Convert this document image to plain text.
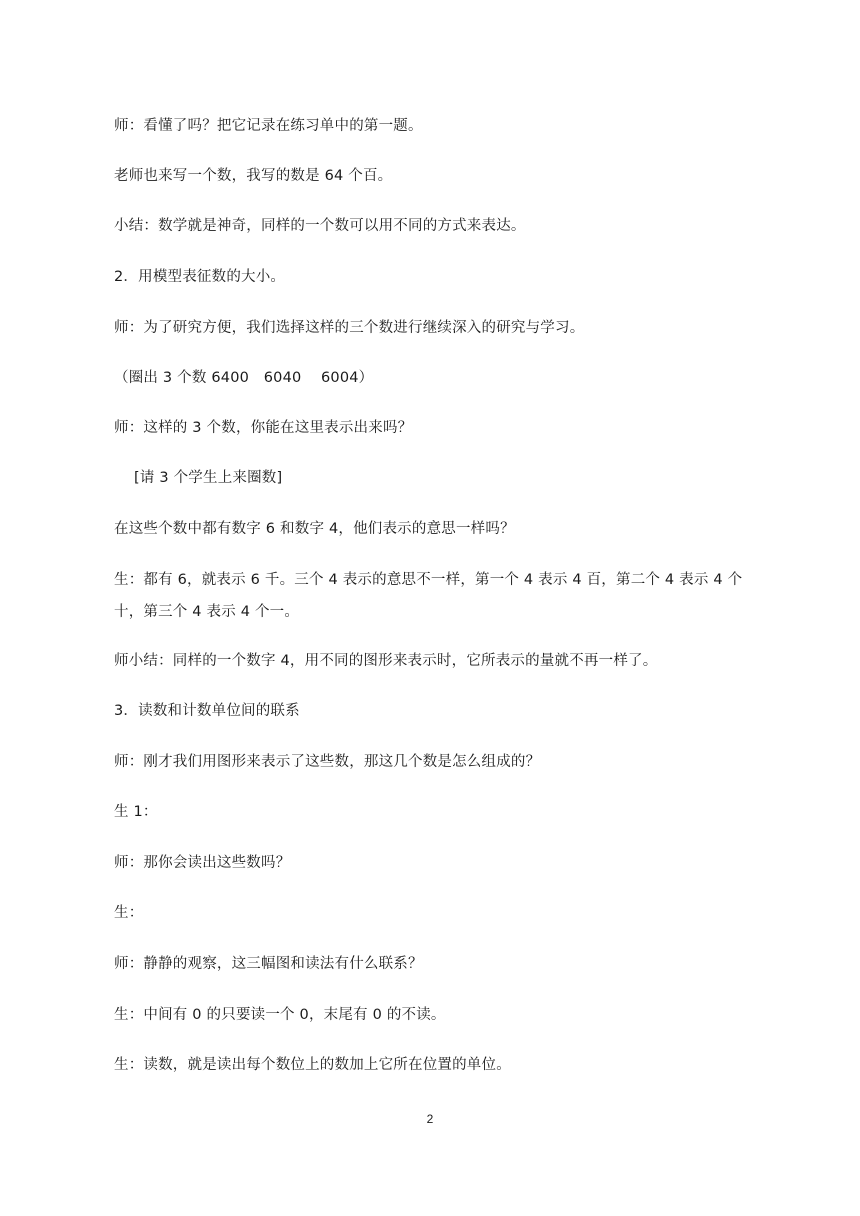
师：看懂了吗？把它记录在练习单中的第一题。
老师也来写一个数，我写的数是 64 个百。
小结：数学就是神奇，同样的一个数可以用不同的方式来表达。
2．用模型表征数的大小。
师：为了研究方便，我们选择这样的三个数进行继续深入的研究与学习。
（圈出 3 个数 6400　6040　 6004）
师：这样的 3 个数，你能在这里表示出来吗？
[请 3 个学生上来圈数]
在这些个数中都有数字 6 和数字 4，他们表示的意思一样吗？
生：都有 6，就表示 6 千。三个 4 表示的意思不一样，第一个 4 表示 4 百，第二个 4 表示 4 个
十，第三个 4 表示 4 个一。
师小结：同样的一个数字 4，用不同的图形来表示时，它所表示的量就不再一样了。
3．读数和计数单位间的联系
师：刚才我们用图形来表示了这些数，那这几个数是怎么组成的？
生 1：
师：那你会读出这些数吗？
生：
师：静静的观察，这三幅图和读法有什么联系？
生：中间有 0 的只要读一个 0，末尾有 0 的不读。
生：读数，就是读出每个数位上的数加上它所在位置的单位。
2
